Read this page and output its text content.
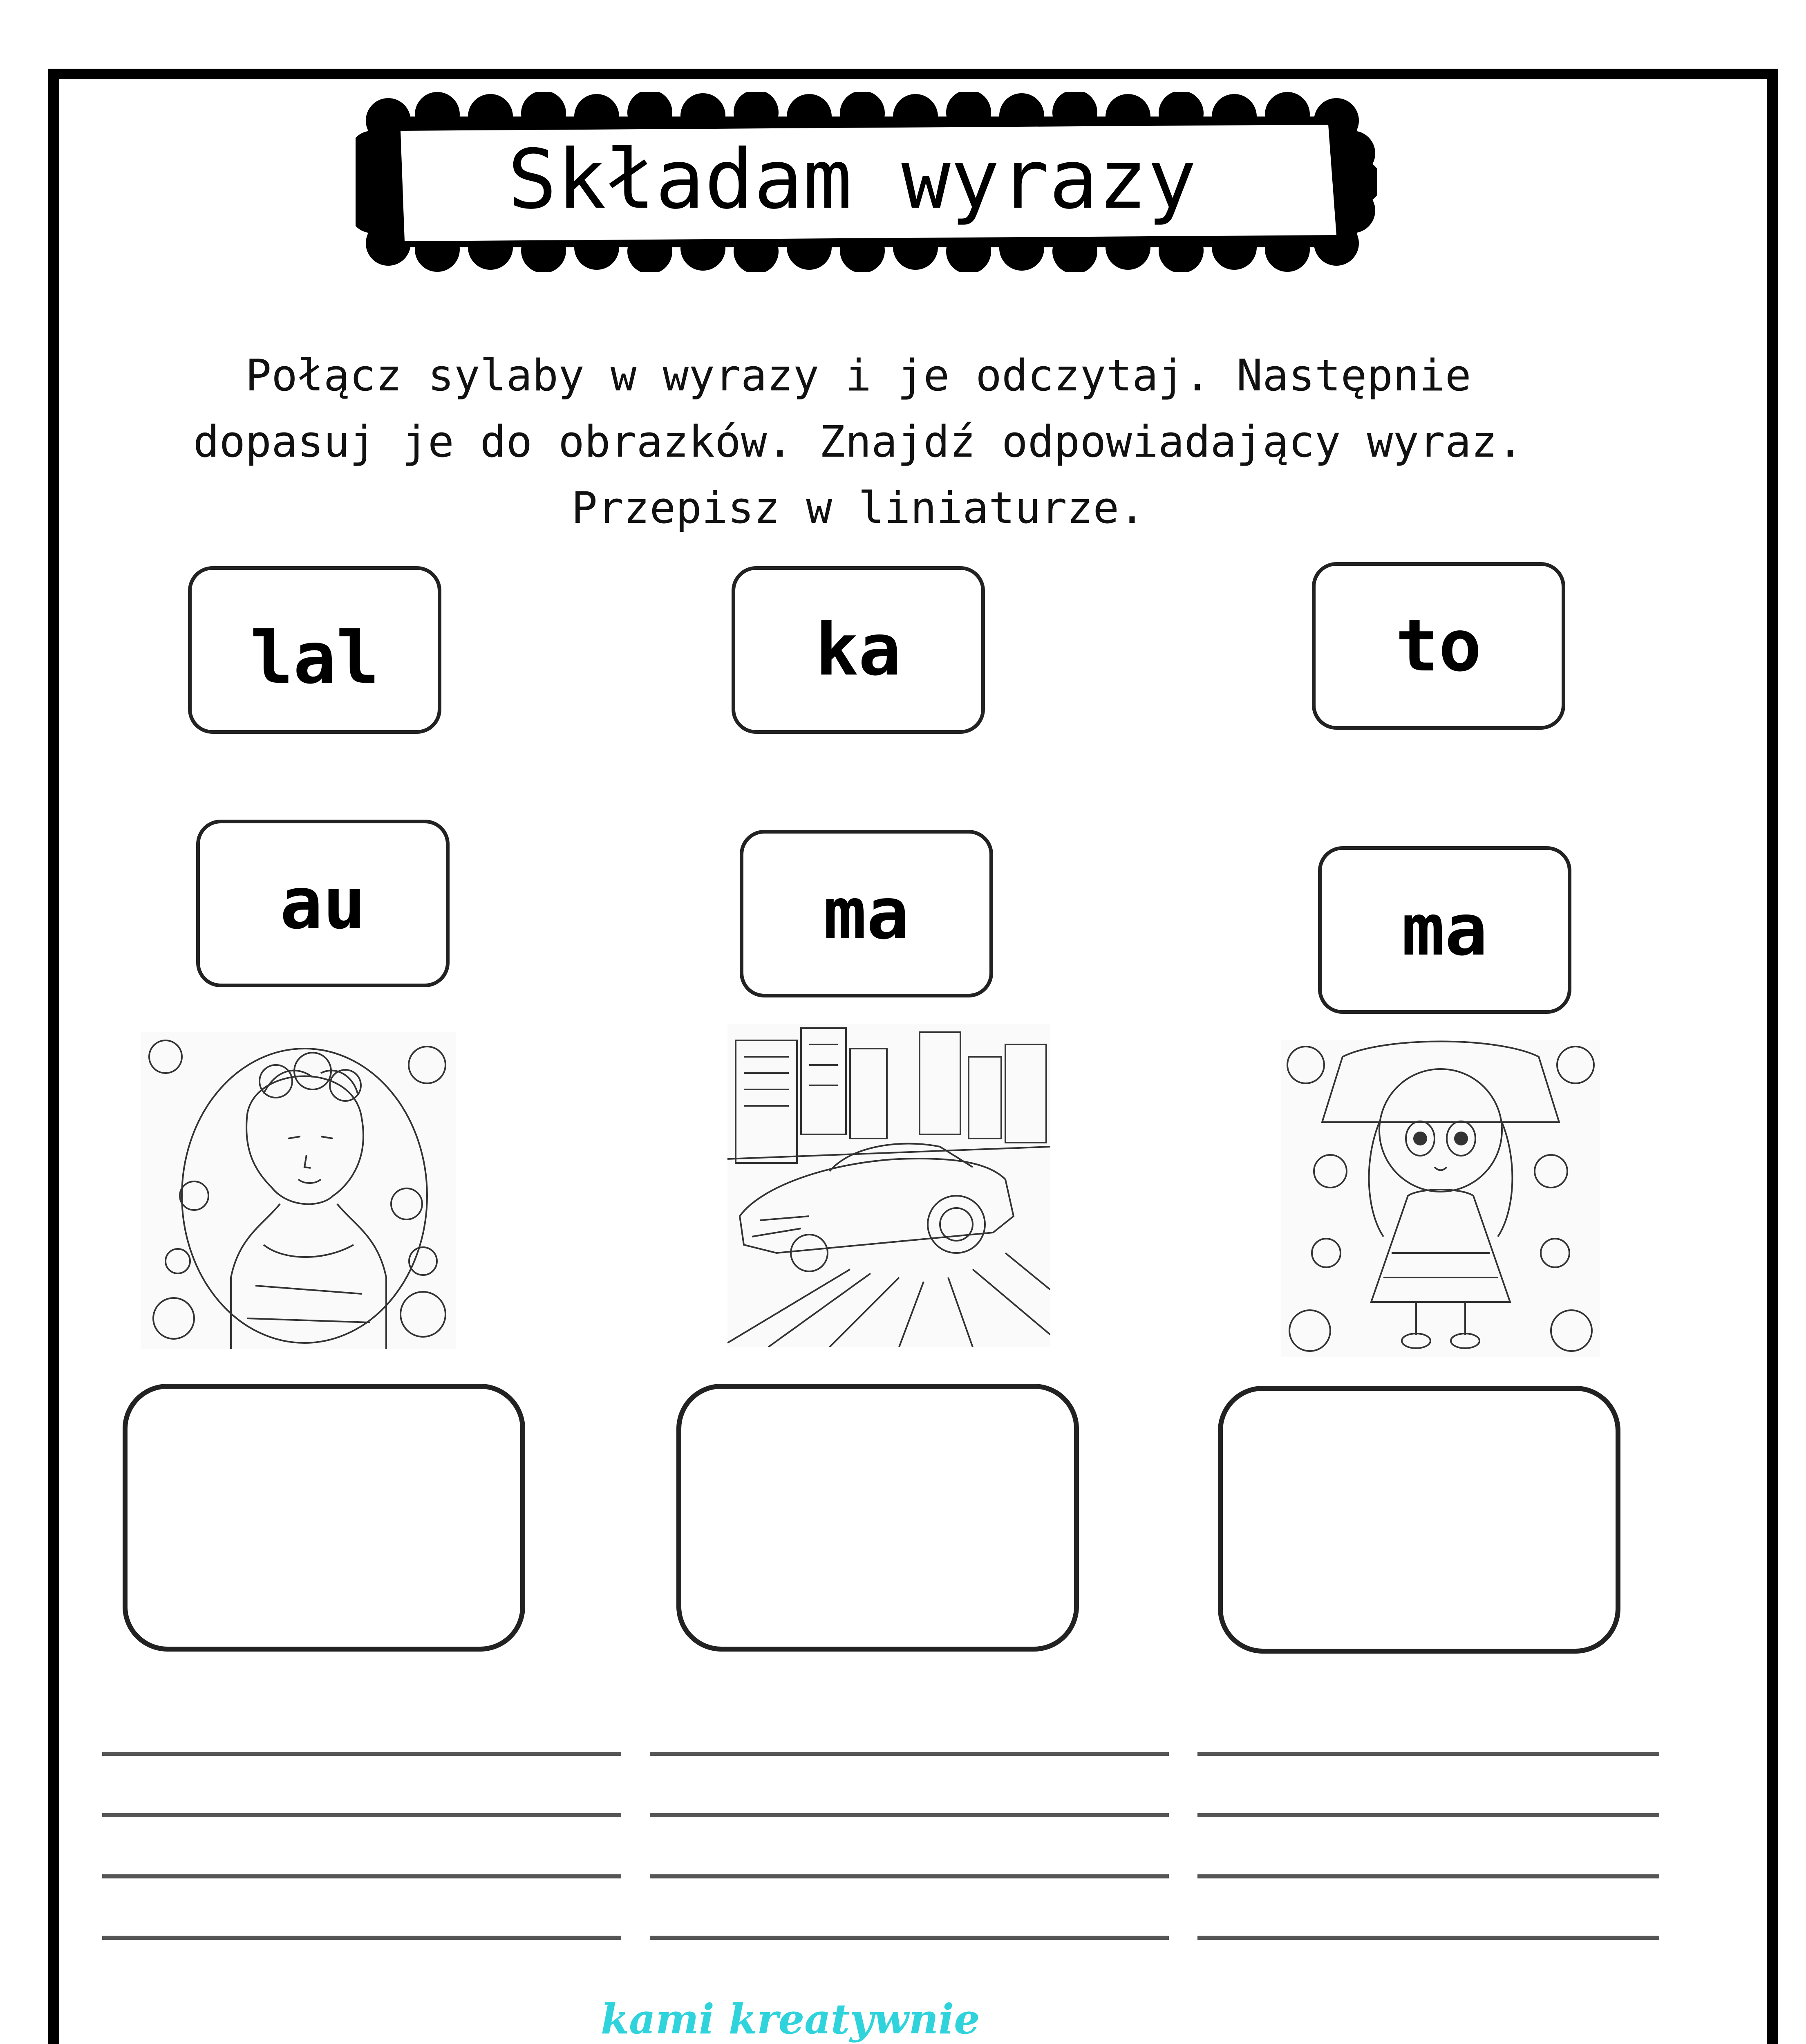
Składam wyrazy
Połącz sylaby w wyrazy i je odczytaj. Następnie
dopasuj je do obrazków. Znajdź odpowiadający wyraz.
Przepisz w liniaturze.
lal	ka	to
au	ma	ma
kami kreatywnie
